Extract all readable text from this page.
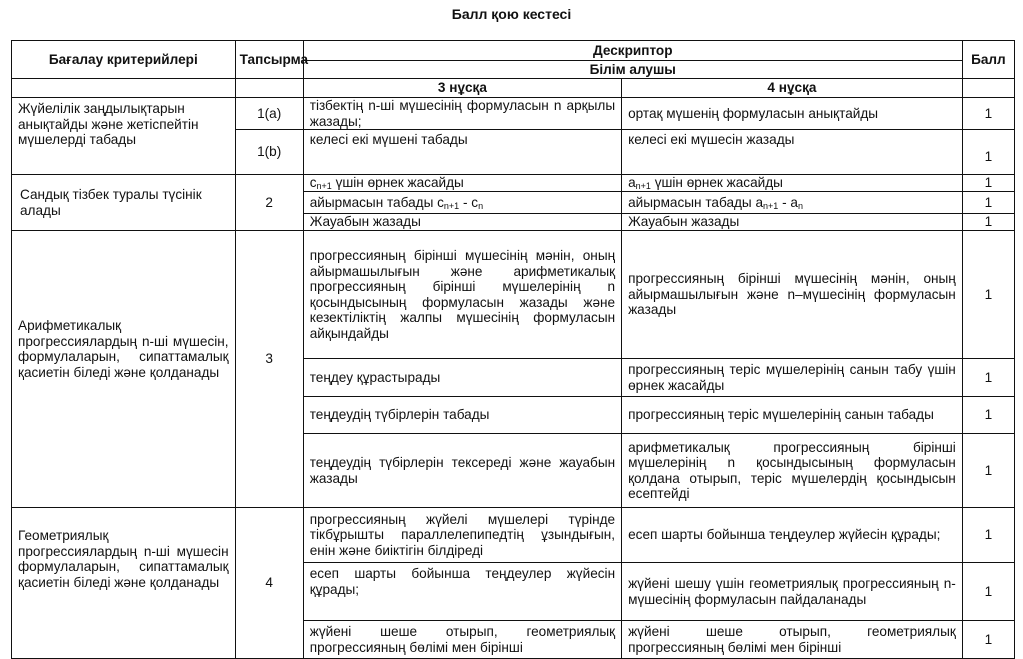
Балл қою кестесі
Бағалау критерийлері	Тапсырма	Дескриптор		Балл
		Білім алушы		
		3 нұсқа	4 нұсқа	
Жүйелілік заңдылықтарын анықтайды және жетіспейтін мүшелерді табады	1(a)	тізбектің n-ші мүшесінің формуласын n арқылы жазады;	ортақ мүшенің формуласын анықтайды	1
	1(b)	келесі екі мүшені табады	келесі екі мүшесін жазады	1
Сандық тізбек туралы түсінік алады	2	$c_{n+1}$ үшін өрнек жасайды	$a_{n+1}$ үшін өрнек жасайды	1
		айырмасын табады $c_{n+1} - c_n$	айырмасын табады $a_{n+1} - a_n$	1
		Жауабын жазады	Жауабын жазады	1
Арифметикалық прогрессиялардың n-ші мүшесін, формулаларын, сипаттамалық қасиетін біледі және қолданады	3	прогрессияның бірінші мүшесінің мәнін, оның айырмашылығын және арифметикалық прогрессияның бірінші мүшелерінің n қосындысының формуласын жазады және кезектіліктің жалпы мүшесінің формуласын айқындайды	прогрессияның бірінші мүшесінің мәнін, оның айырмашылығын және n–мүшесінің формуласын жазады	1
		теңдеу құрастырады	прогрессияның теріс мүшелерінің санын табу үшін өрнек жасайды	1
		теңдеудің түбірлерін табады	прогрессияның теріс мүшелерінің санын табады	1
		теңдеудің түбірлерін тексереді және жауабын жазады	арифметикалық прогрессияның бірінші мүшелерінің n қосындысының формуласын қолдана отырып, теріс мүшелердің қосындысын есептейді	1
Геометриялық прогрессиялардың n-ші мүшесін формулаларын, сипаттамалық қасиетін біледі және қолданады	4	прогрессияның жүйелі мүшелері түрінде тікбұрышты параллелепипедтің ұзындығын, енін және биіктігін білдіреді	есеп шарты бойынша теңдеулер жүйесін құрады;	1
		есеп шарты бойынша теңдеулер жүйесін құрады;	жүйені шешу үшін геометриялық прогрессияның n-мүшесінің формуласын пайдаланады	1
		жүйені шеше отырып, геометриялық прогрессияның бөлімі мен бірінші	жүйені шеше отырып, геометриялық прогрессияның бөлімі мен бірінші	1
